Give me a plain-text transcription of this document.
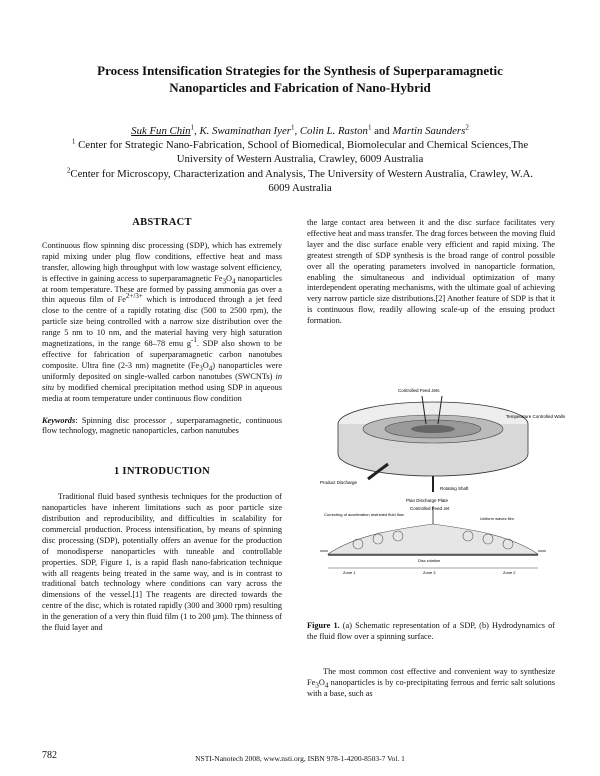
Process Intensification Strategies for the Synthesis of Superparamagnetic
Nanoparticles and Fabrication of Nano-Hybrid
Suk Fun Chin$^1$, K. Swaminathan Iyer$^1$, Colin L. Raston$^1$ and Martin Saunders$^2$
$^1$ Center for Strategic Nano-Fabrication, School of Biomedical, Biomolecular and Chemical Sciences,The University of Western Australia, Crawley, 6009 Australia
$^2$Center for Microscopy, Characterization and Analysis, The University of Western Australia, Crawley, W.A. 6009 Australia
ABSTRACT

Continuous flow spinning disc processing (SDP), which has extremely rapid mixing under plug flow conditions, effective heat and mass transfer, allowing high throughput with low wastage solvent efficiency, is effective in gaining access to superparamagnetic $Fe_3O_4$ nanoparticles at room temperature. These are formed by passing ammonia gas over a thin aqueous film of $Fe^{2+/3+}$ which is introduced through a jet feed close to the centre of a rapidly rotating disc (500 to 2500 rpm), the particle size being controlled with a narrow size distribution over the range 5 nm to 10 nm, and the material having very high saturation magnetizations, in the range 68–78 emu $g^{-1}$. SDP also shown to be effective for fabrication of superparamagnetic carbon nanotubes composite. Ultra fine (2-3 nm) magnetite $(Fe_3O_4)$ nanoparticles were uniformly deposited on single-walled carbon nanotubes (SWCNTs) in situ by modified chemical precipitation method using SDP in aqueous media at room temperature under continuous flow condition

Keywords: Spinning disc processor , superparamagnetic, continuous flow technology, magnetic nanoparticles, carbon nanutubes

1 INTRODUCTION

Traditional fluid based synthesis techniques for the production of nanoparticles have inherent limitations such as poor particle size distribution and reproducibility, and difficulties in scalability for commercial production. Process intensification, by means of spinning disc processing (SDP), potentially offers an avenue for the production of monodisperse nanoparticles with tuneable and controllable properties. SDP, Figure 1, is a rapid flash nano-fabrication technique with all reagents being treated in the same way, and is in contrast to traditional batch technology where conditions can vary across the dimensions of the vessel.[1] The reagents are directed towards the centre of the disc, which is rotated rapidly (300 and 3000 rpm) resulting in the generation of a very thin fluid film (1 to 200 µm). The thinness of the fluid layer and

the large contact area between it and the disc surface facilitates very effective heat and mass transfer. The drag forces between the moving fluid layer and the disc surface enable very efficient and rapid mixing. The greatest strength of SDP synthesis is the broad range of control possible over all the operating parameters involved in nanoparticle formation, enabling the simultaneous and individual optimization of many interdependent operating mechanisms, with the ultimate goal of achieving very narrow particle size distributions.[2] Another feature of SDP is that it is continuous flow, readily allowing scale-up of the ensuing product formation.

Controlled Feed Jets
Temperature Controlled Walls
Rotating Shaft
Product Discharge
Plan Discharge Plate
Controlled Feed Jet
Correcting of acceleration restricted fluid flow
Uniform waves film
Disc rotation
Zone 1	Zone 3	Zone 2
Figure 1. (a) Schematic representation of a SDP, (b) Hydrodynamics of the fluid flow over a spinning surface.

The most common cost effective and convenient way to synthesize $Fe_3O_4$ nanoparticles is by co-precipitating ferrous and ferric salt solutions with a base, such as

782	NSTI-Nanotech 2008, www.nsti.org, ISBN 978-1-4200-8503-7 Vol. 1
